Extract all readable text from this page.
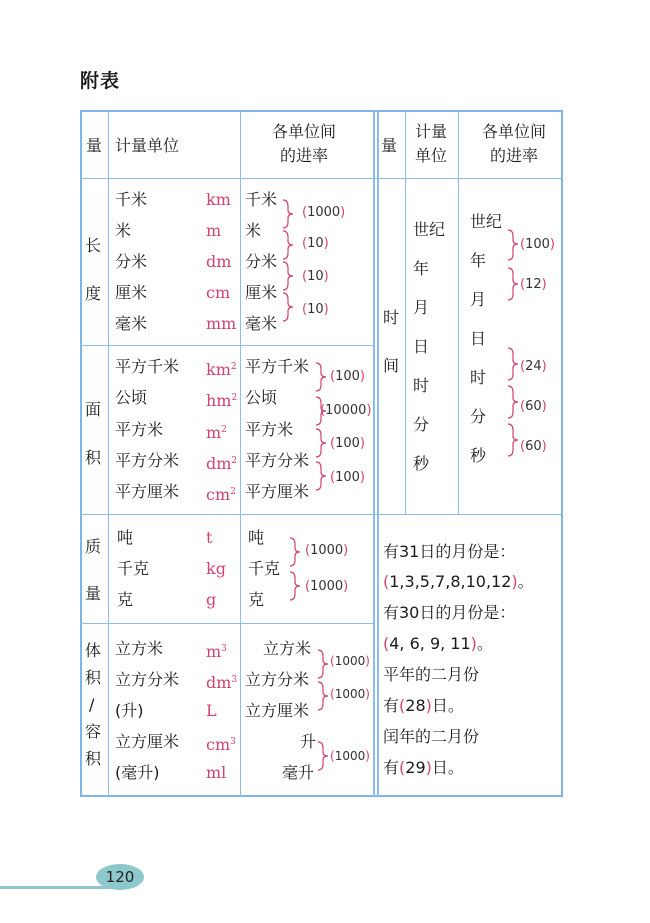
附表
量 计量单位
各单位间
的进率
量
计量
单位
各单位间
的进率
长
度
千米
米
分米
厘米
毫米
km
m
dm
cm
mm
千米
米
分米
厘米
毫米
(1000)
(10)
(10)
(10)
面
积
平方千米
公顷
平方米
平方分米
平方厘米
$km^2$
$hm^2$
$m^2$
$dm^2$
$cm^2$
平方千米
公顷
平方米
平方分米
平方厘米
(100)
(10000)
(100)
(100)
质
量
吨
千克
克
t
kg
g
吨
千克
克
(1000)
(1000)
体
积
/
容
积
立方米
立方分米
(升)
立方厘米
(毫升)
$m^3$
$dm^3$
L
$cm^3$
ml
立方米
立方分米
立方厘米
升
毫升
(1000)
(1000)
(1000)
时
间
世纪
年
月
日
时
分
秒
世纪
年
月
日
时
分
秒
(100)
(12)
(24)
(60)
(60)
有31日的月份是：
(1,3,5,7,8,10,12)。
有30日的月份是：
(4, 6, 9, 11)。
平年的二月份
有(28)日。
闰年的二月份
有(29)日。
120
